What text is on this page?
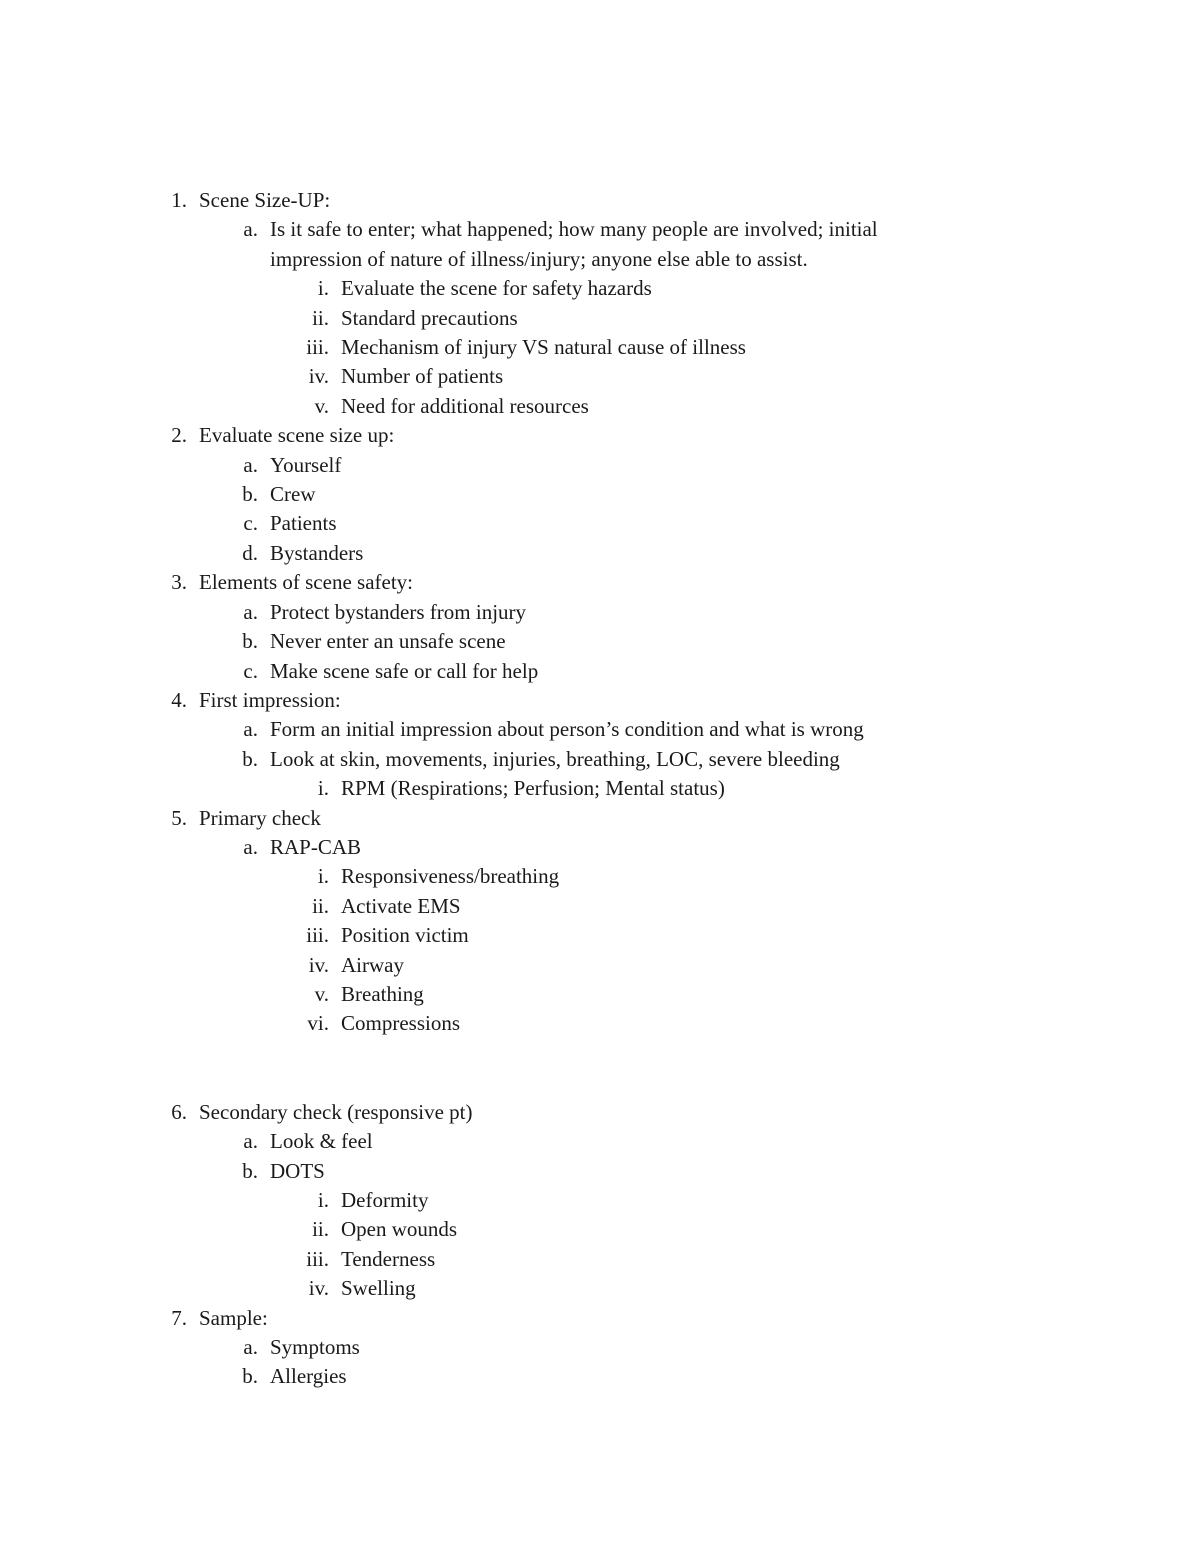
1. Scene Size-UP:
a. Is it safe to enter; what happened; how many people are involved; initial impression of nature of illness/injury; anyone else able to assist.
i. Evaluate the scene for safety hazards
ii. Standard precautions
iii. Mechanism of injury VS natural cause of illness
iv. Number of patients
v. Need for additional resources
2. Evaluate scene size up:
a. Yourself
b. Crew
c. Patients
d. Bystanders
3. Elements of scene safety:
a. Protect bystanders from injury
b. Never enter an unsafe scene
c. Make scene safe or call for help
4. First impression:
a. Form an initial impression about person’s condition and what is wrong
b. Look at skin, movements, injuries, breathing, LOC, severe bleeding
i. RPM (Respirations; Perfusion; Mental status)
5. Primary check
a. RAP-CAB
i. Responsiveness/breathing
ii. Activate EMS
iii. Position victim
iv. Airway
v. Breathing
vi. Compressions
6. Secondary check (responsive pt)
a. Look & feel
b. DOTS
i. Deformity
ii. Open wounds
iii. Tenderness
iv. Swelling
7. Sample:
a. Symptoms
b. Allergies
